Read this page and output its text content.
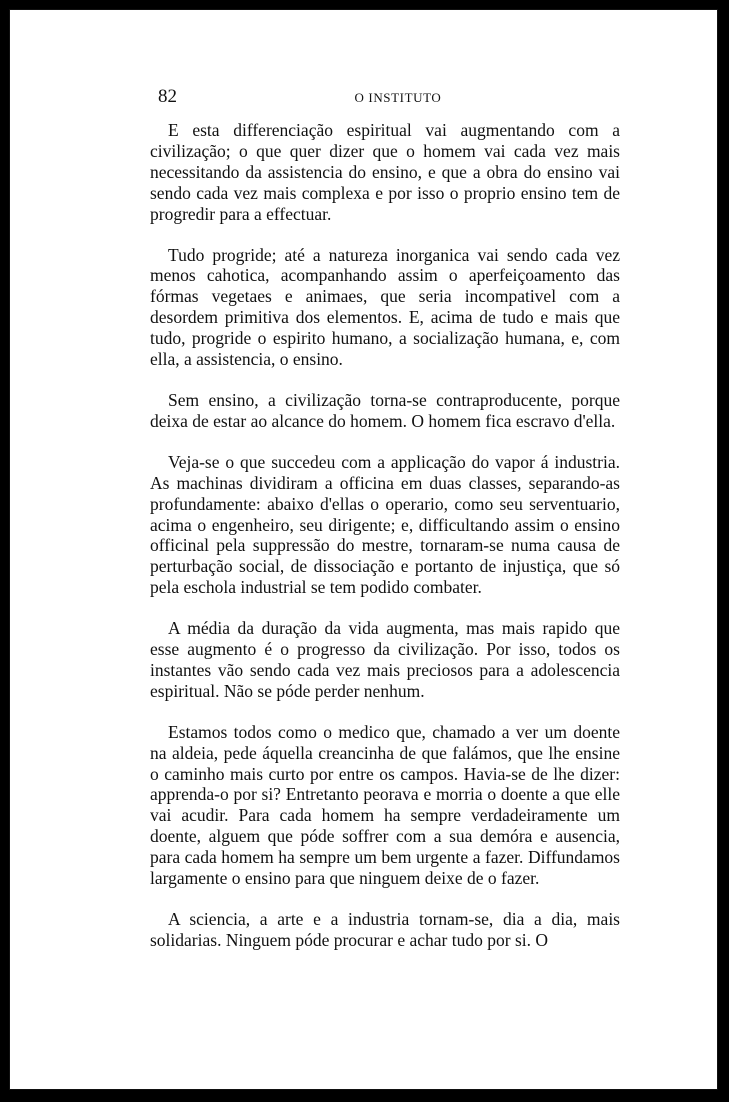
82	O INSTITUTO

E esta differenciação espiritual vai augmentando com a civilização; o que quer dizer que o homem vai cada vez mais necessitando da assistencia do ensino, e que a obra do ensino vai sendo cada vez mais complexa e por isso o proprio ensino tem de progredir para a effectuar.

Tudo progride; até a natureza inorganica vai sendo cada vez menos cahotica, acompanhando assim o aperfeiçoamento das fórmas vegetaes e animaes, que seria incompativel com a desordem primitiva dos elementos. E, acima de tudo e mais que tudo, progride o espirito humano, a socialização humana, e, com ella, a assistencia, o ensino.

Sem ensino, a civilização torna-se contraproducente, porque deixa de estar ao alcance do homem. O homem fica escravo d'ella.

Veja-se o que succedeu com a applicação do vapor á industria. As machinas dividiram a officina em duas classes, separando-as profundamente: abaixo d'ellas o operario, como seu serventuario, acima o engenheiro, seu dirigente; e, difficultando assim o ensino officinal pela suppressão do mestre, tornaram-se numa causa de perturbação social, de dissociação e portanto de injustiça, que só pela eschola industrial se tem podido combater.

A média da duração da vida augmenta, mas mais rapido que esse augmento é o progresso da civilização. Por isso, todos os instantes vão sendo cada vez mais preciosos para a adolescencia espiritual. Não se póde perder nenhum.

Estamos todos como o medico que, chamado a ver um doente na aldeia, pede áquella creancinha de que falámos, que lhe ensine o caminho mais curto por entre os campos. Havia-se de lhe dizer: apprenda-o por si? Entretanto peorava e morria o doente a que elle vai acudir. Para cada homem ha sempre verdadeiramente um doente, alguem que póde soffrer com a sua demóra e ausencia, para cada homem ha sempre um bem urgente a fazer. Diffundamos largamente o ensino para que ninguem deixe de o fazer.

A sciencia, a arte e a industria tornam-se, dia a dia, mais solidarias. Ninguem póde procurar e achar tudo por si. O
